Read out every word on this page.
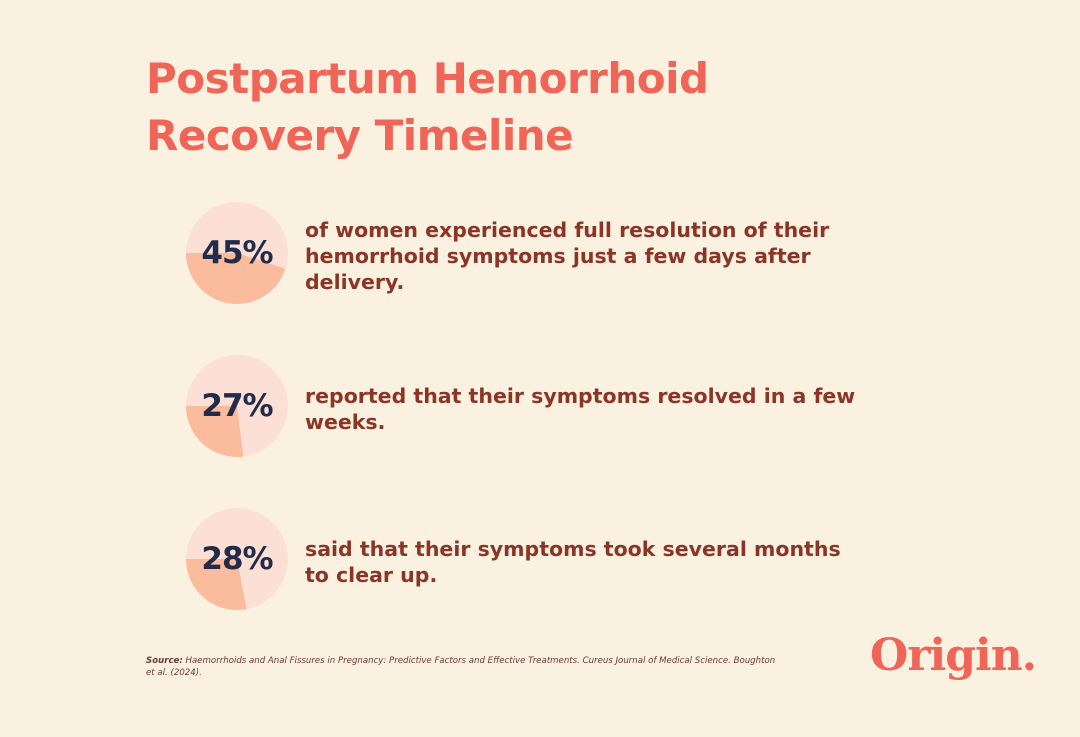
Postpartum Hemorrhoid
Recovery Timeline
45%

of women experienced full resolution of their hemorrhoid symptoms just a few days after delivery.

27%	reported that their symptoms resolved in a few weeks.

28%	said that their symptoms took several months to clear up.

Source: Haemorrhoids and Anal Fissures in Pregnancy: Predictive Factors and Effective Treatments. Cureus Journal of Medical Science. Boughton et al. (2024).	Origin.
